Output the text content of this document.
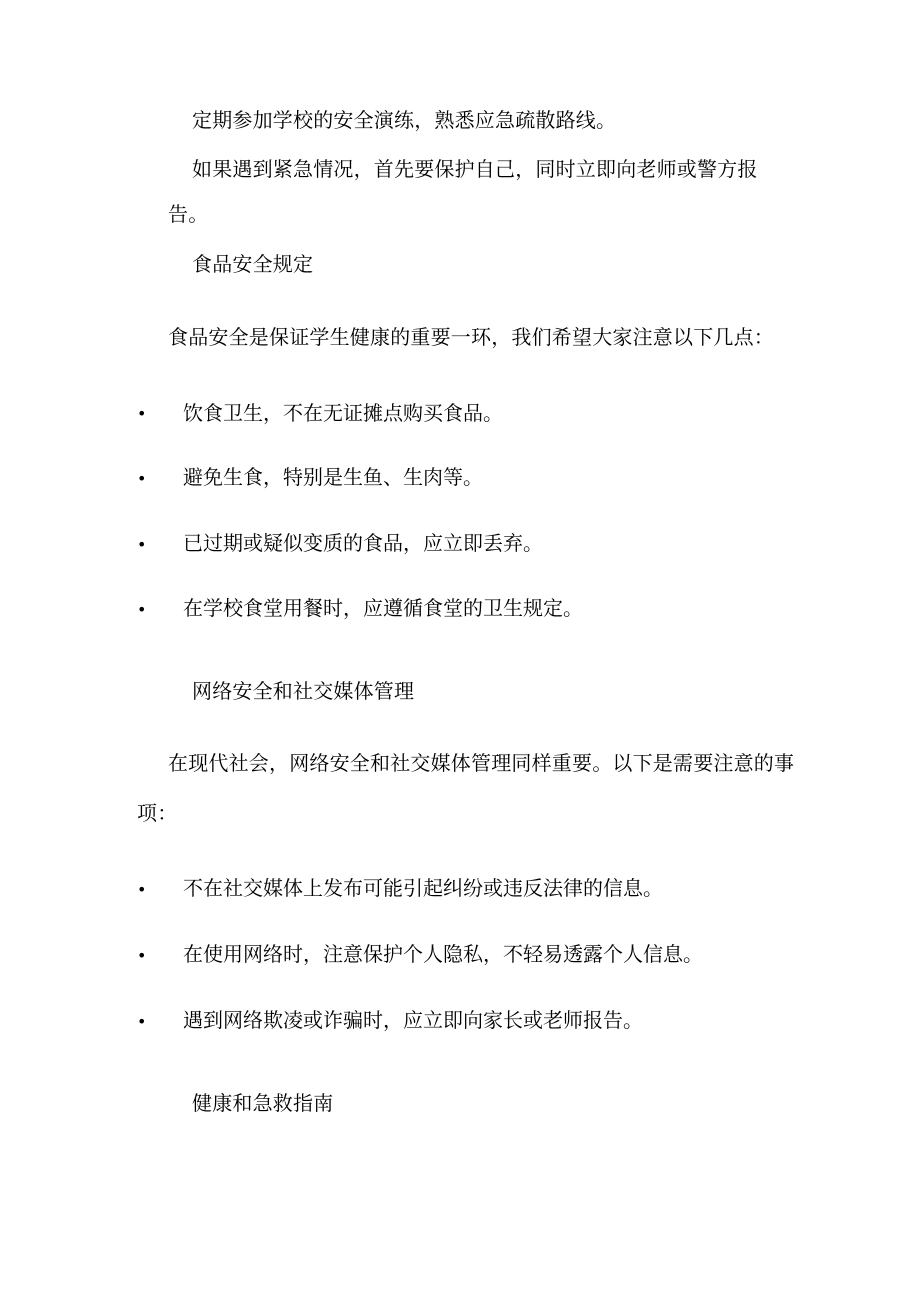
定期参加学校的安全演练，熟悉应急疏散路线。
如果遇到紧急情况，首先要保护自己，同时立即向老师或警方报
告。
食品安全规定
食品安全是保证学生健康的重要一环，我们希望大家注意以下几点：
• 饮食卫生，不在无证摊点购买食品。
• 避免生食，特别是生鱼、生肉等。
• 已过期或疑似变质的食品，应立即丢弃。
• 在学校食堂用餐时，应遵循食堂的卫生规定。
网络安全和社交媒体管理
在现代社会，网络安全和社交媒体管理同样重要。以下是需要注意的事
项：
• 不在社交媒体上发布可能引起纠纷或违反法律的信息。
• 在使用网络时，注意保护个人隐私，不轻易透露个人信息。
• 遇到网络欺凌或诈骗时，应立即向家长或老师报告。
健康和急救指南
